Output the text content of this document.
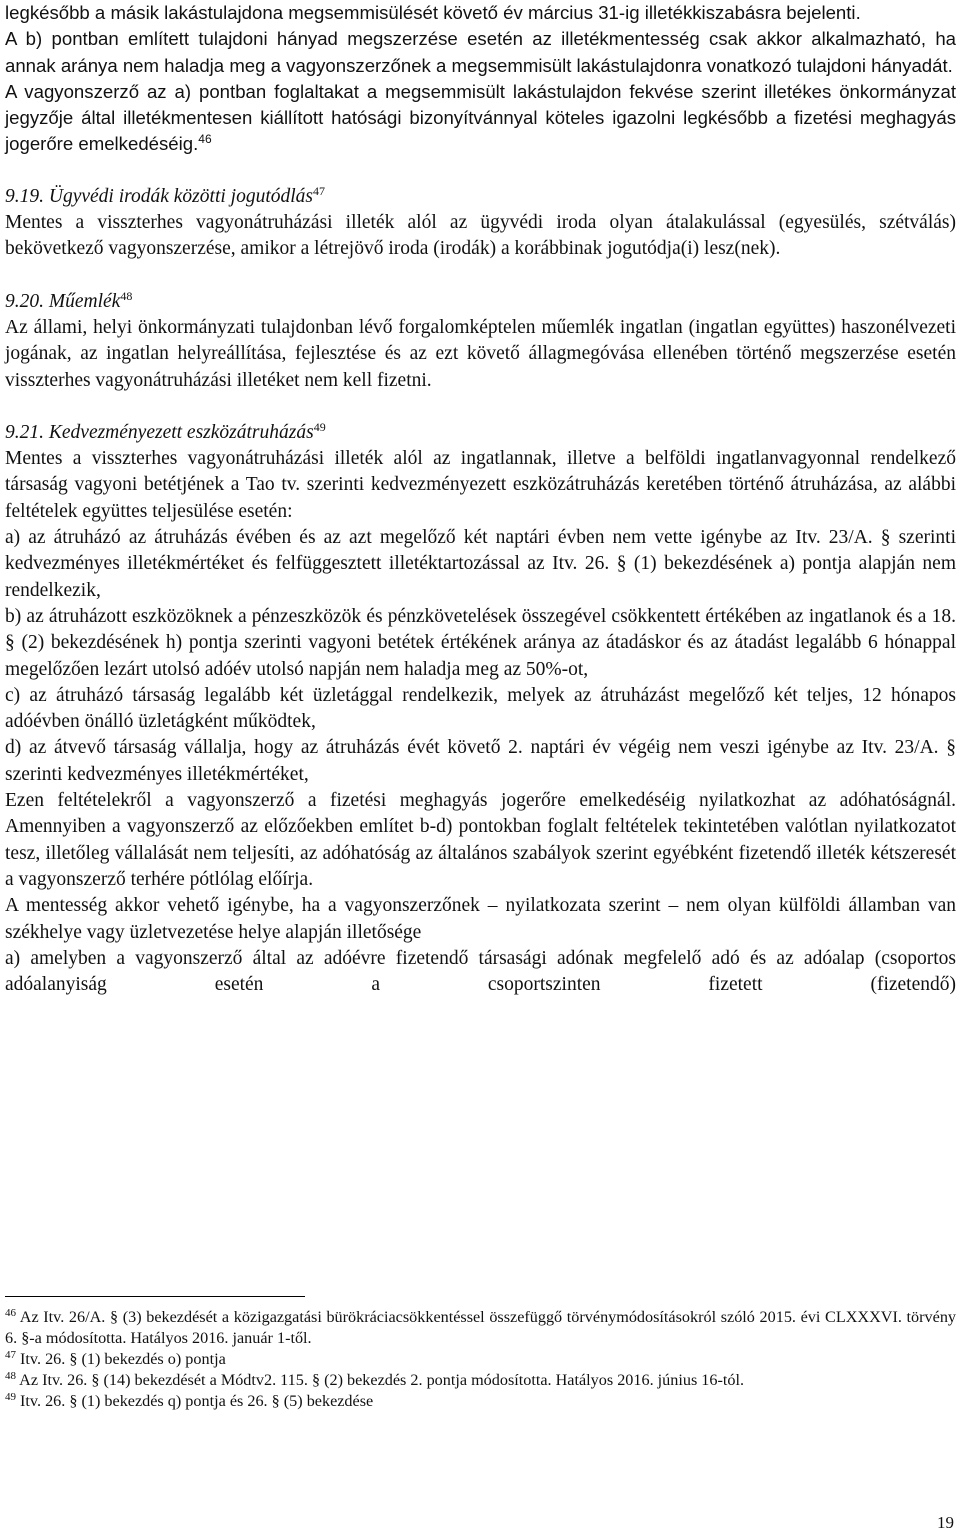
legkésőbb a másik lakástulajdona megsemmisülését követő év március 31-ig illetékkiszabásra bejelenti.

A b) pontban említett tulajdoni hányad megszerzése esetén az illetékmentesség csak akkor alkalmazható, ha annak aránya nem haladja meg a vagyonszerzőnek a megsemmisült lakástulajdonra vonatkozó tulajdoni hányadát.

A vagyonszerző az a) pontban foglaltakat a megsemmisült lakástulajdon fekvése szerint illetékes önkormányzat jegyzője által illetékmentesen kiállított hatósági bizonyítvánnyal köteles igazolni legkésőbb a fizetési meghagyás jogerőre emelkedéséig.$^{46}$

9.19. Ügyvédi irodák közötti jogutódlás$^{47}$

Mentes a visszterhes vagyonátruházási illeték alól az ügyvédi iroda olyan átalakulással (egyesülés, szétválás) bekövetkező vagyonszerzése, amikor a létrejövő iroda (irodák) a korábbinak jogutódja(i) lesz(nek).

9.20. Műemlék$^{48}$

Az állami, helyi önkormányzati tulajdonban lévő forgalomképtelen műemlék ingatlan (ingatlan együttes) haszonélvezeti jogának, az ingatlan helyreállítása, fejlesztése és az ezt követő állagmegóvása ellenében történő megszerzése esetén visszterhes vagyonátruházási illetéket nem kell fizetni.

9.21. Kedvezményezett eszközátruházás$^{49}$

Mentes a visszterhes vagyonátruházási illeték alól az ingatlannak, illetve a belföldi ingatlanvagyonnal rendelkező társaság vagyoni betétjének a Tao tv. szerinti kedvezményezett eszközátruházás keretében történő átruházása, az alábbi feltételek együttes teljesülése esetén:

a) az átruházó az átruházás évében és az azt megelőző két naptári évben nem vette igénybe az Itv. 23/A. § szerinti kedvezményes illetékmértéket és felfüggesztett illetéktartozással az Itv. 26. § (1) bekezdésének a) pontja alapján nem rendelkezik,

b) az átruházott eszközöknek a pénzeszközök és pénzkövetelések összegével csökkentett értékében az ingatlanok és a 18. § (2) bekezdésének h) pontja szerinti vagyoni betétek értékének aránya az átadáskor és az átadást legalább 6 hónappal megelőzően lezárt utolsó adóév utolsó napján nem haladja meg az 50%-ot,

c) az átruházó társaság legalább két üzletággal rendelkezik, melyek az átruházást megelőző két teljes, 12 hónapos adóévben önálló üzletágként működtek,

d) az átvevő társaság vállalja, hogy az átruházás évét követő 2. naptári év végéig nem veszi igénybe az Itv. 23/A. § szerinti kedvezményes illetékmértéket,

Ezen feltételekről a vagyonszerző a fizetési meghagyás jogerőre emelkedéséig nyilatkozhat az adóhatóságnál. Amennyiben a vagyonszerző az előzőekben említet b-d) pontokban foglalt feltételek tekintetében valótlan nyilatkozatot tesz, illetőleg vállalását nem teljesíti, az adóhatóság az általános szabályok szerint egyébként fizetendő illeték kétszeresét a vagyonszerző terhére pótlólag előírja.

A mentesség akkor vehető igénybe, ha a vagyonszerzőnek – nyilatkozata szerint – nem olyan külföldi államban van székhelye vagy üzletvezetése helye alapján illetősége

a) amelyben a vagyonszerző által az adóévre fizetendő társasági adónak megfelelő adó és az adóalap (csoportos adóalanyiság esetén a csoportszinten fizetett (fizetendő)

$^{46}$ Az Itv. 26/A. § (3) bekezdését a közigazgatási bürökráciacsökkentéssel összefüggő törvénymódosításokról szóló 2015. évi CLXXXVI. törvény 6. §-a módosította. Hatályos 2016. január 1-től.

$^{47}$ Itv. 26. § (1) bekezdés o) pontja

$^{48}$ Az Itv. 26. § (14) bekezdését a Módtv2. 115. § (2) bekezdés 2. pontja módosította. Hatályos 2016. június 16-tól.

$^{49}$ Itv. 26. § (1) bekezdés q) pontja és 26. § (5) bekezdése

19
